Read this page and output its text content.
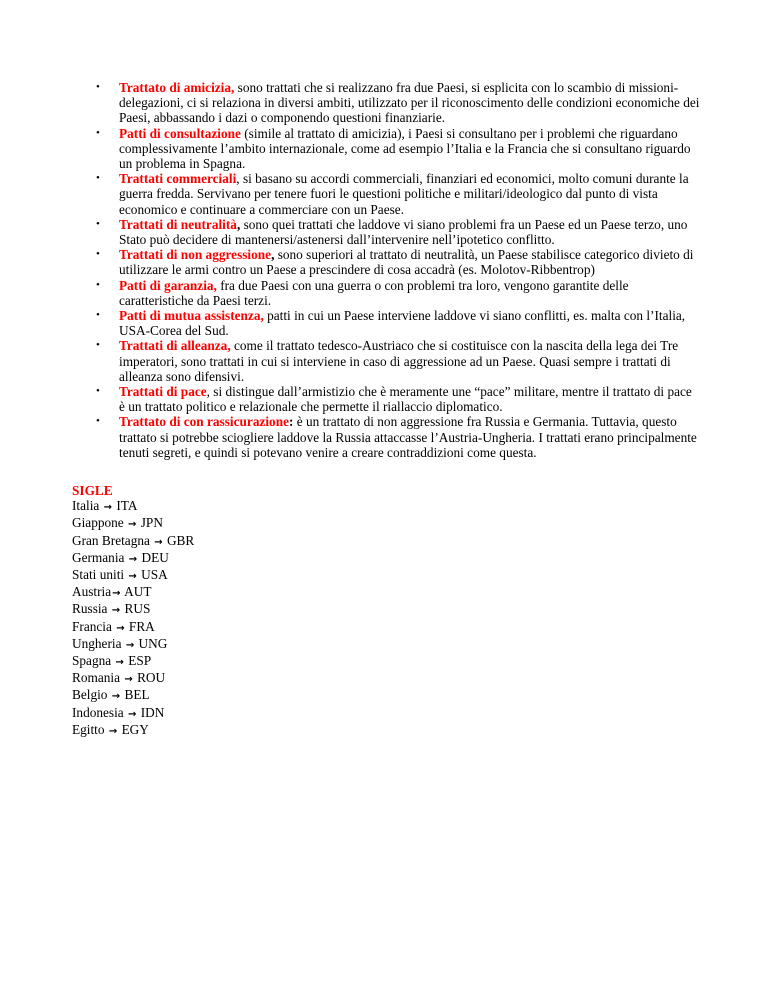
• Trattato di amicizia, sono trattati che si realizzano fra due Paesi, si esplicita con lo scambio di missioni-delegazioni, ci si relaziona in diversi ambiti, utilizzato per il riconoscimento delle condizioni economiche dei Paesi, abbassando i dazi o componendo questioni finanziarie.
• Patti di consultazione (simile al trattato di amicizia), i Paesi si consultano per i problemi che riguardano complessivamente l’ambito internazionale, come ad esempio l’Italia e la Francia che si consultano riguardo un problema in Spagna.
• Trattati commerciali, si basano su accordi commerciali, finanziari ed economici, molto comuni durante la guerra fredda. Servivano per tenere fuori le questioni politiche e militari/ideologico dal punto di vista economico e continuare a commerciare con un Paese.
• Trattati di neutralità, sono quei trattati che laddove vi siano problemi fra un Paese ed un Paese terzo, uno Stato può decidere di mantenersi/astenersi dall’intervenire nell’ipotetico conflitto.
• Trattati di non aggressione, sono superiori al trattato di neutralità, un Paese stabilisce categorico divieto di utilizzare le armi contro un Paese a prescindere di cosa accadrà (es. Molotov-Ribbentrop)
• Patti di garanzia, fra due Paesi con una guerra o con problemi tra loro, vengono garantite delle caratteristiche da Paesi terzi.
• Patti di mutua assistenza, patti in cui un Paese interviene laddove vi siano conflitti, es. malta con l’Italia, USA-Corea del Sud.
• Trattati di alleanza, come il trattato tedesco-Austriaco che si costituisce con la nascita della lega dei Tre imperatori, sono trattati in cui si interviene in caso di aggressione ad un Paese. Quasi sempre i trattati di alleanza sono difensivi.
• Trattati di pace, si distingue dall’armistizio che è meramente une “pace” militare, mentre il trattato di pace è un trattato politico e relazionale che permette il riallaccio diplomatico.
• Trattato di con rassicurazione: è un trattato di non aggressione fra Russia e Germania. Tuttavia, questo trattato si potrebbe sciogliere laddove la Russia attaccasse l’Austria-Ungheria. I trattati erano principalmente tenuti segreti, e quindi si potevano venire a creare contraddizioni come questa.
SIGLE
Italia → ITA
Giappone → JPN
Gran Bretagna → GBR
Germania → DEU
Stati uniti → USA
Austria→ AUT
Russia → RUS
Francia → FRA
Ungheria → UNG
Spagna → ESP
Romania → ROU
Belgio → BEL
Indonesia → IDN
Egitto → EGY
